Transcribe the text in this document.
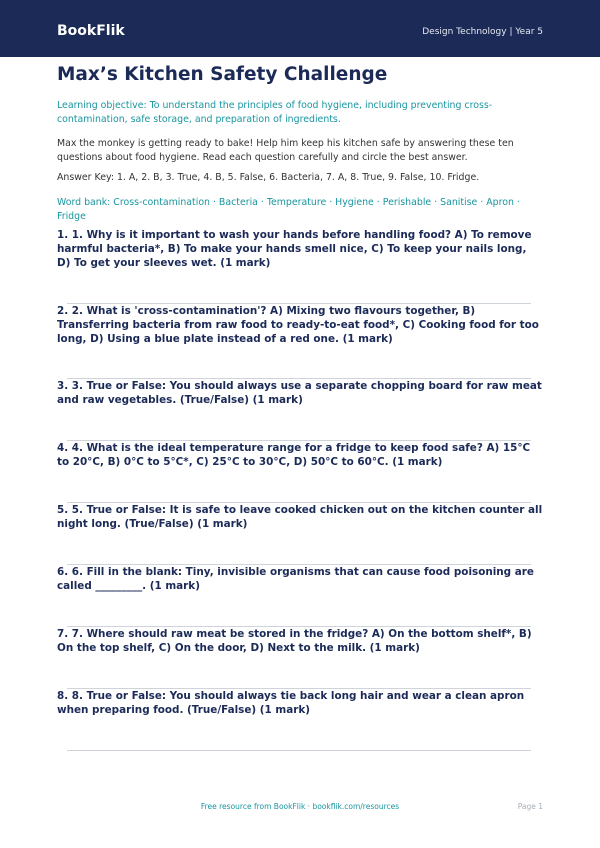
BookFlik	Design Technology | Year 5
Max’s Kitchen Safety Challenge

Learning objective: To understand the principles of food hygiene, including preventing cross-contamination, safe storage, and preparation of ingredients.

Max the monkey is getting ready to bake! Help him keep his kitchen safe by answering these ten questions about food hygiene. Read each question carefully and circle the best answer.

Answer Key: 1. A, 2. B, 3. True, 4. B, 5. False, 6. Bacteria, 7. A, 8. True, 9. False, 10. Fridge.

Word bank: Cross-contamination · Bacteria · Temperature · Hygiene · Perishable · Sanitise · Apron · Fridge

1. 1. Why is it important to wash your hands before handling food? A) To remove harmful bacteria*, B) To make your hands smell nice, C) To keep your nails long, D) To get your sleeves wet. (1 mark)

2. 2. What is 'cross-contamination'? A) Mixing two flavours together, B) Transferring bacteria from raw food to ready-to-eat food*, C) Cooking food for too long, D) Using a blue plate instead of a red one. (1 mark)

3. 3. True or False: You should always use a separate chopping board for raw meat and raw vegetables. (True/False) (1 mark)

4. 4. What is the ideal temperature range for a fridge to keep food safe? A) 15°C to 20°C, B) 0°C to 5°C*, C) 25°C to 30°C, D) 50°C to 60°C. (1 mark)

5. 5. True or False: It is safe to leave cooked chicken out on the kitchen counter all night long. (True/False) (1 mark)

6. 6. Fill in the blank: Tiny, invisible organisms that can cause food poisoning are called _________. (1 mark)

7. 7. Where should raw meat be stored in the fridge? A) On the bottom shelf*, B) On the top shelf, C) On the door, D) Next to the milk. (1 mark)

8. 8. True or False: You should always tie back long hair and wear a clean apron when preparing food. (True/False) (1 mark)

Free resource from BookFlik · bookflik.com/resources	Page 1
